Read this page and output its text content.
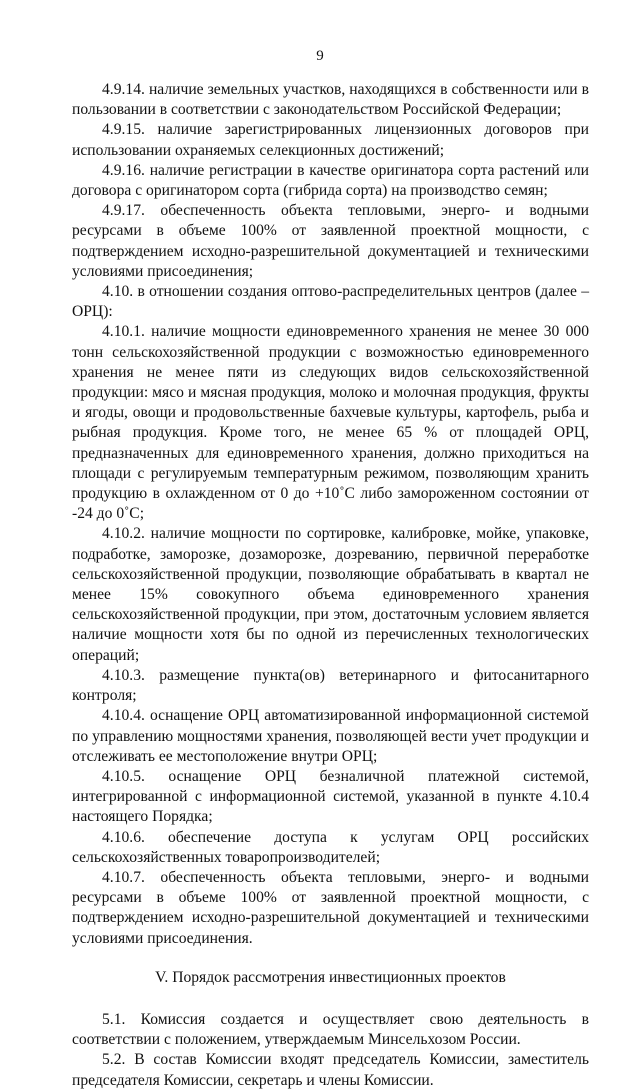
9

4.9.14. наличие земельных участков, находящихся в собственности или в пользовании в соответствии с законодательством Российской Федерации;

4.9.15. наличие зарегистрированных лицензионных договоров при использовании охраняемых селекционных достижений;

4.9.16. наличие регистрации в качестве оригинатора сорта растений или договора с оригинатором сорта (гибрида сорта) на производство семян;

4.9.17. обеспеченность объекта тепловыми, энерго- и водными ресурсами в объеме 100% от заявленной проектной мощности, с подтверждением исходно-разрешительной документацией и техническими условиями присоединения;

4.10. в отношении создания оптово-распределительных центров (далее – ОРЦ):

4.10.1. наличие мощности единовременного хранения не менее 30 000 тонн сельскохозяйственной продукции с возможностью единовременного хранения не менее пяти из следующих видов сельскохозяйственной продукции: мясо и мясная продукция, молоко и молочная продукция, фрукты и ягоды, овощи и продовольственные бахчевые культуры, картофель, рыба и рыбная продукция. Кроме того, не менее 65 % от площадей ОРЦ, предназначенных для единовременного хранения, должно приходиться на площади с регулируемым температурным режимом, позволяющим хранить продукцию в охлажденном от 0 до +10˚С либо замороженном состоянии от -24 до 0˚С;

4.10.2. наличие мощности по сортировке, калибровке, мойке, упаковке, подработке, заморозке, дозаморозке, дозреванию, первичной переработке сельскохозяйственной продукции, позволяющие обрабатывать в квартал не менее 15% совокупного объема единовременного хранения сельскохозяйственной продукции, при этом, достаточным условием является наличие мощности хотя бы по одной из перечисленных технологических операций;

4.10.3. размещение пункта(ов) ветеринарного и фитосанитарного контроля;

4.10.4. оснащение ОРЦ автоматизированной информационной системой по управлению мощностями хранения, позволяющей вести учет продукции и отслеживать ее местоположение внутри ОРЦ;

4.10.5. оснащение ОРЦ безналичной платежной системой, интегрированной с информационной системой, указанной в пункте 4.10.4 настоящего Порядка;

4.10.6. обеспечение доступа к услугам ОРЦ российских сельскохозяйственных товаропроизводителей;

4.10.7. обеспеченность объекта тепловыми, энерго- и водными ресурсами в объеме 100% от заявленной проектной мощности, с подтверждением исходно-разрешительной документацией и техническими условиями присоединения.

V. Порядок рассмотрения инвестиционных проектов

5.1. Комиссия создается и осуществляет свою деятельность в соответствии с положением, утверждаемым Минсельхозом России.

5.2. В состав Комиссии входят председатель Комиссии, заместитель председателя Комиссии, секретарь и члены Комиссии.
